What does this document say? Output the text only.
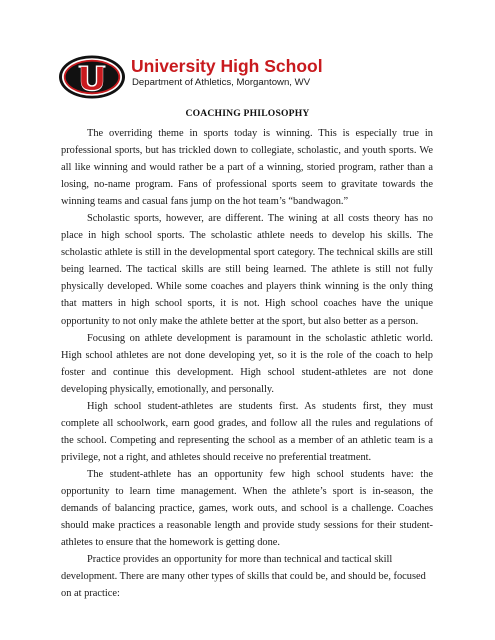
University High School
Department of Athletics, Morgantown, WV
COACHING PHILOSOPHY

The overriding theme in sports today is winning. This is especially true in professional sports, but has trickled down to collegiate, scholastic, and youth sports. We all like winning and would rather be a part of a winning, storied program, rather than a losing, no-name program. Fans of professional sports seem to gravitate towards the winning teams and casual fans jump on the hot team’s “bandwagon.”

Scholastic sports, however, are different. The wining at all costs theory has no place in high school sports. The scholastic athlete needs to develop his skills. The scholastic athlete is still in the developmental sport category. The technical skills are still being learned. The tactical skills are still being learned. The athlete is still not fully physically developed. While some coaches and players think winning is the only thing that matters in high school sports, it is not. High school coaches have the unique opportunity to not only make the athlete better at the sport, but also better as a person.

Focusing on athlete development is paramount in the scholastic athletic world. High school athletes are not done developing yet, so it is the role of the coach to help foster and continue this development. High school student-athletes are not done developing physically, emotionally, and personally.

High school student-athletes are students first. As students first, they must complete all schoolwork, earn good grades, and follow all the rules and regulations of the school. Competing and representing the school as a member of an athletic team is a privilege, not a right, and athletes should receive no preferential treatment.

The student-athlete has an opportunity few high school students have: the opportunity to learn time management. When the athlete’s sport is in-season, the demands of balancing practice, games, work outs, and school is a challenge. Coaches should make practices a reasonable length and provide study sessions for their student-athletes to ensure that the homework is getting done.

Practice provides an opportunity for more than technical and tactical skill development. There are many other types of skills that could be, and should be, focused on at practice:
